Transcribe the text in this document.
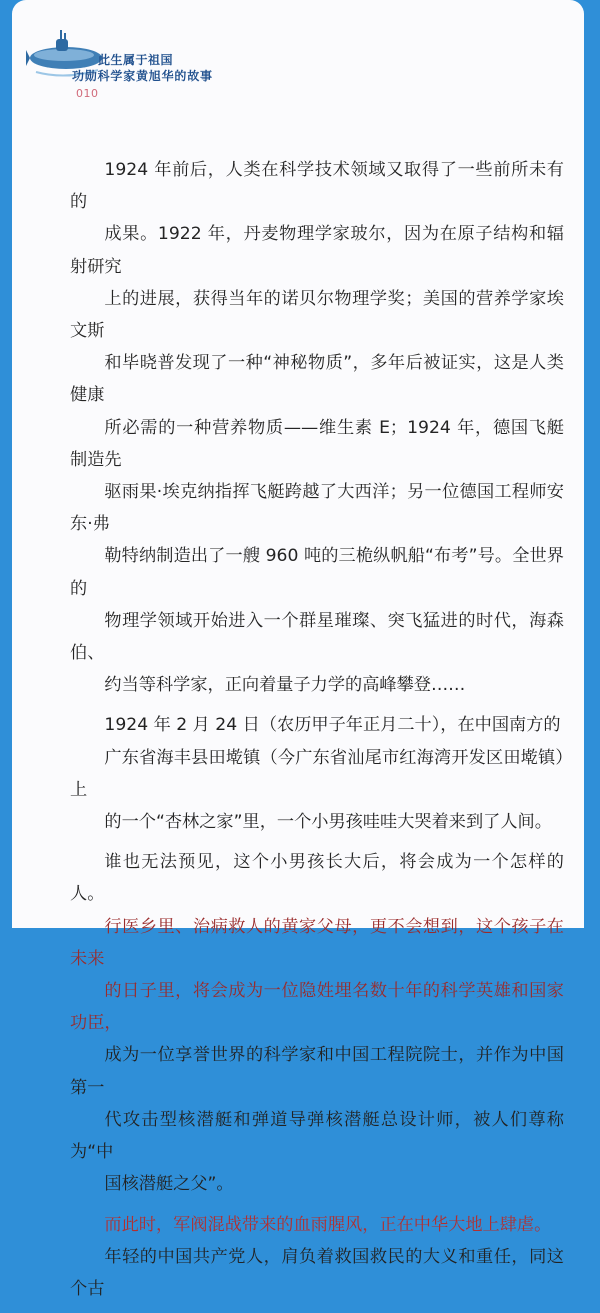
此生属于祖国
功勋科学家黄旭华的故事
010

1924 年前后，人类在科学技术领域又取得了一些前所未有的
成果。1922 年，丹麦物理学家玻尔，因为在原子结构和辐射研究
上的进展，获得当年的诺贝尔物理学奖；美国的营养学家埃文斯
和毕晓普发现了一种“神秘物质”，多年后被证实，这是人类健康
所必需的一种营养物质——维生素 E；1924 年，德国飞艇制造先
驱雨果·埃克纳指挥飞艇跨越了大西洋；另一位德国工程师安东·弗
勒特纳制造出了一艘 960 吨的三桅纵帆船“布考”号。全世界的
物理学领域开始进入一个群星璀璨、突飞猛进的时代，海森伯、
约当等科学家，正向着量子力学的高峰攀登……

1924 年 2 月 24 日（农历甲子年正月二十），在中国南方的
广东省海丰县田墘镇（今广东省汕尾市红海湾开发区田墘镇）上
的一个“杏林之家”里，一个小男孩哇哇大哭着来到了人间。

谁也无法预见，这个小男孩长大后，将会成为一个怎样的人。
行医乡里、治病救人的黄家父母，更不会想到，这个孩子在未来
的日子里，将会成为一位隐姓埋名数十年的科学英雄和国家功臣，
成为一位享誉世界的科学家和中国工程院院士，并作为中国第一
代攻击型核潜艇和弹道导弹核潜艇总设计师，被人们尊称为“中
国核潜艇之父”。

而此时，军阀混战带来的血雨腥风，正在中华大地上肆虐。
年轻的中国共产党人，肩负着救国救民的大义和重任，同这个古
